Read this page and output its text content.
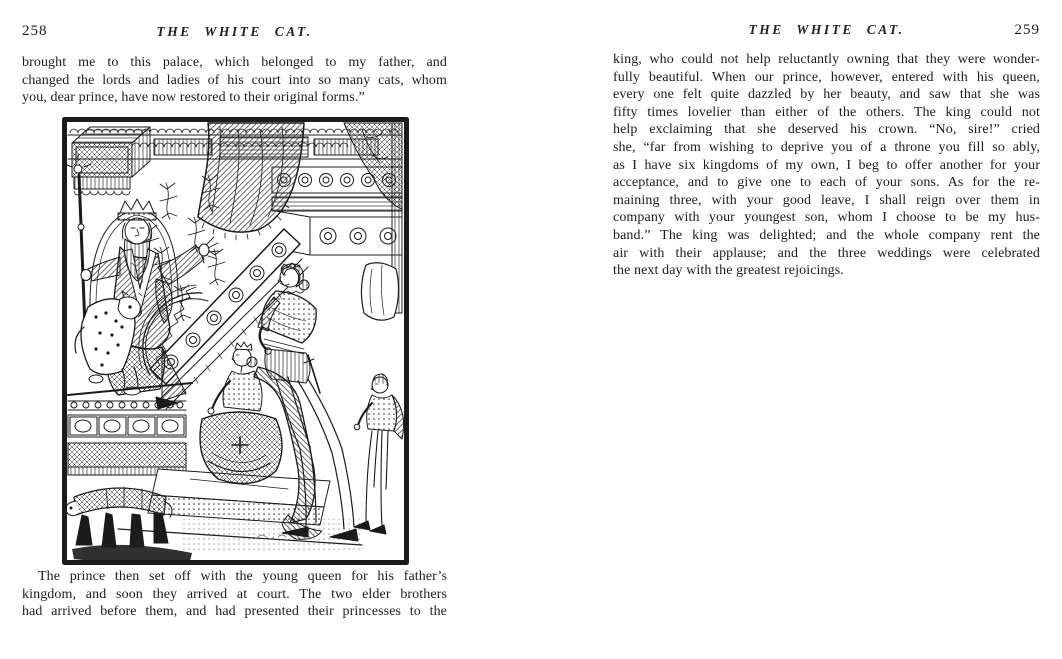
258	THE WHITE CAT.
brought me to this palace, which belonged to my father, and
changed the lords and ladies of his court into so many cats, whom
you, dear prince, have now restored to their original forms.”
The prince then set off with the young queen for his father’s
kingdom, and soon they arrived at court. The two elder brothers
had arrived before them, and had presented their princesses to the
THE WHITE CAT.	259
king, who could not help reluctantly owning that they were wonder-
fully beautiful. When our prince, however, entered with his queen,
every one felt quite dazzled by her beauty, and saw that she was
fifty times lovelier than either of the others. The king could not
help exclaiming that she deserved his crown. “No, sire!” cried
she, “far from wishing to deprive you of a throne you fill so ably,
as I have six kingdoms of my own, I beg to offer another for your
acceptance, and to give one to each of your sons. As for the re-
maining three, with your good leave, I shall reign over them in
company with your youngest son, whom I choose to be my hus-
band.” The king was delighted; and the whole company rent the
air with their applause; and the three weddings were celebrated
the next day with the greatest rejoicings.
